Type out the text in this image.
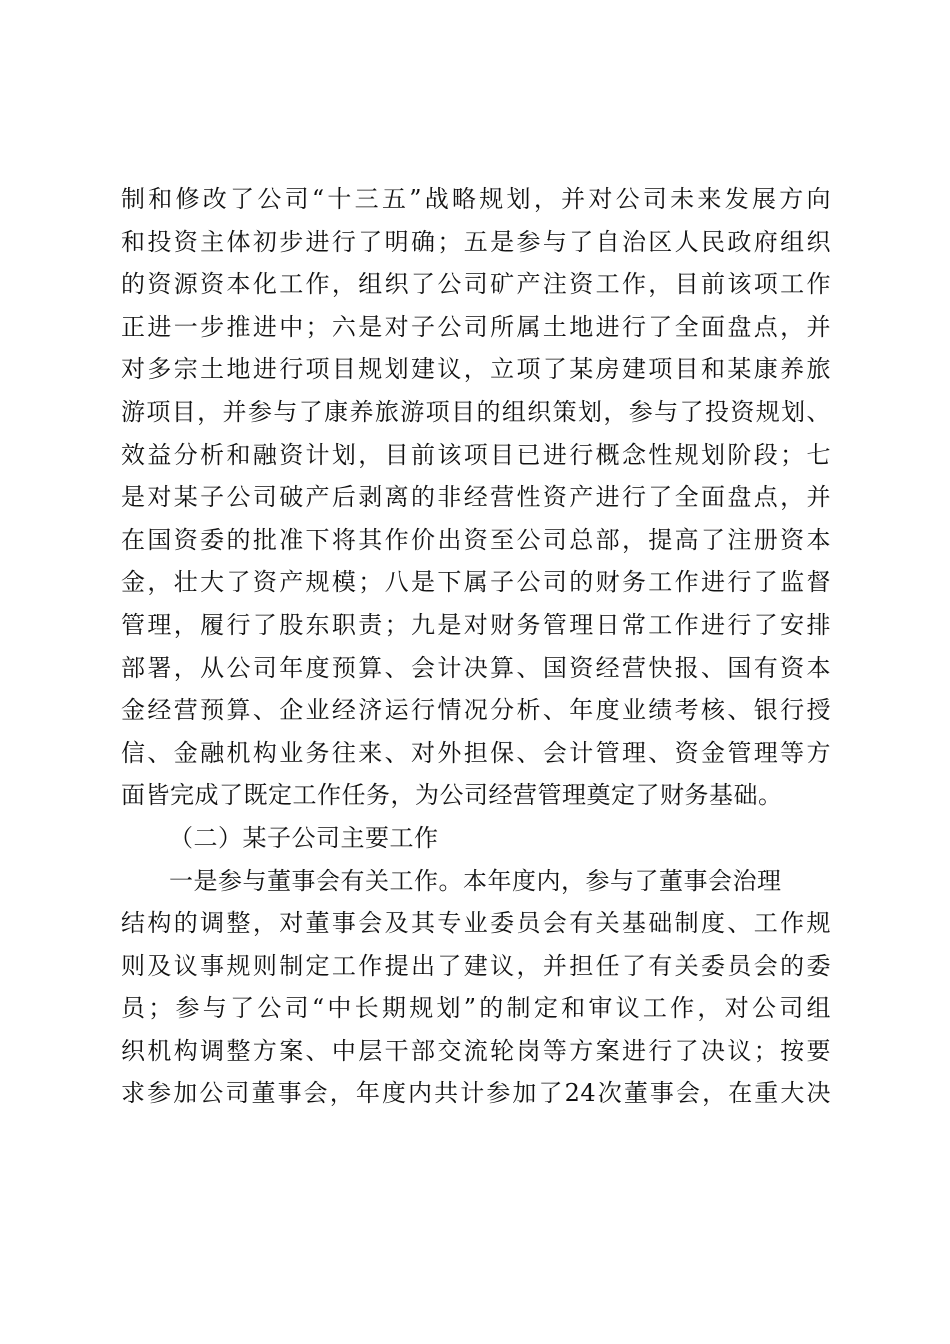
制和修改了公司“十三五”战略规划，并对公司未来发展方向
和投资主体初步进行了明确；五是参与了自治区人民政府组织
的资源资本化工作，组织了公司矿产注资工作，目前该项工作
正进一步推进中；六是对子公司所属土地进行了全面盘点，并
对多宗土地进行项目规划建议，立项了某房建项目和某康养旅
游项目，并参与了康养旅游项目的组织策划，参与了投资规划、
效益分析和融资计划，目前该项目已进行概念性规划阶段；七
是对某子公司破产后剥离的非经营性资产进行了全面盘点，并
在国资委的批准下将其作价出资至公司总部，提高了注册资本
金，壮大了资产规模；八是下属子公司的财务工作进行了监督
管理，履行了股东职责；九是对财务管理日常工作进行了安排
部署，从公司年度预算、会计决算、国资经营快报、国有资本
金经营预算、企业经济运行情况分析、年度业绩考核、银行授
信、金融机构业务往来、对外担保、会计管理、资金管理等方
面皆完成了既定工作任务，为公司经营管理奠定了财务基础。
（二）某子公司主要工作
一是参与董事会有关工作。本年度内，参与了董事会治理
结构的调整，对董事会及其专业委员会有关基础制度、工作规
则及议事规则制定工作提出了建议，并担任了有关委员会的委
员；参与了公司“中长期规划”的制定和审议工作，对公司组
织机构调整方案、中层干部交流轮岗等方案进行了决议；按要
求参加公司董事会，年度内共计参加了24次董事会，在重大决
